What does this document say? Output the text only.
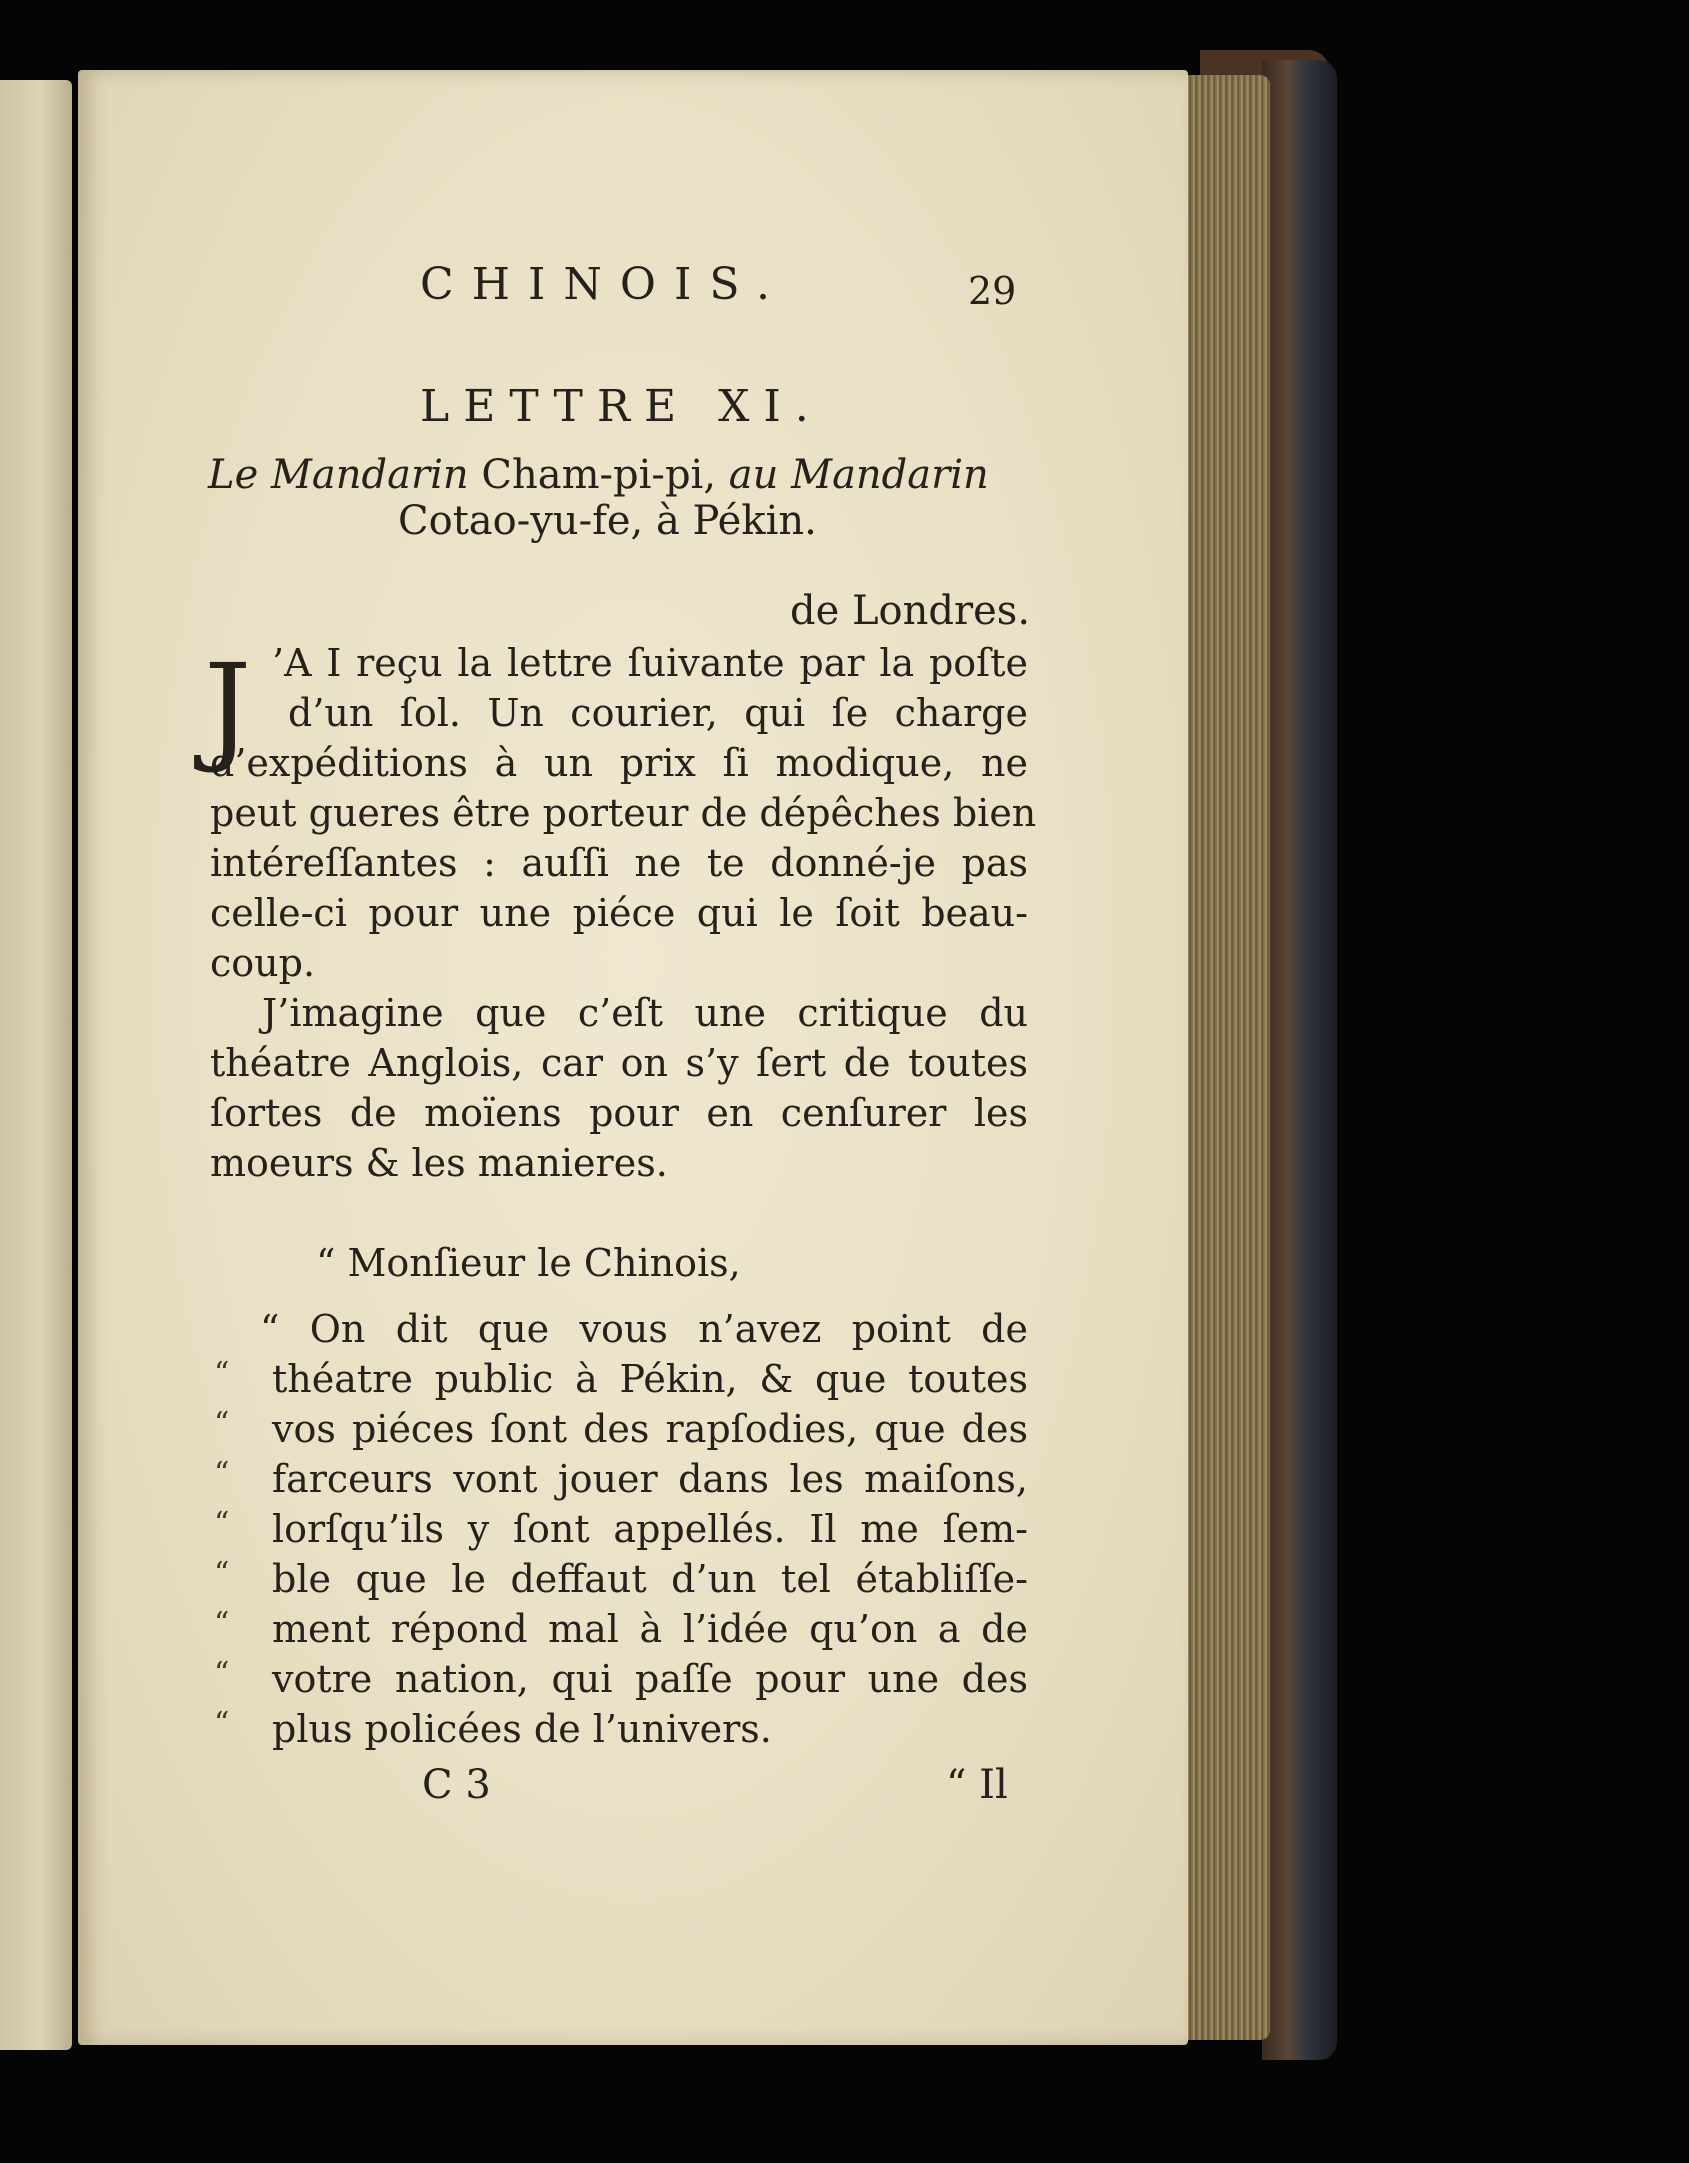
CHINOIS.	29
LETTRE XI.
Le Mandarin Cham-pi-pi, au Mandarin
Cotao-yu-fe, à Pékin.
de Londres.
J ’A I reçu la lettre ſuivante par la poſte
d’un ſol. Un courier, qui ſe charge
d’expéditions à un prix ſi modique, ne
peut gueres être porteur de dépêches bien
intéreſſantes : auſſi ne te donné-je pas
celle-ci pour une piéce qui le ſoit beau-
coup.
J’imagine que c’eſt une critique du
théatre Anglois, car on s’y ſert de toutes
ſortes de moïens pour en cenſurer les
moeurs & les manieres.
“ Monſieur le Chinois,
“ On dit que vous n’avez point de
“ théatre public à Pékin, & que toutes
“ vos piéces ſont des rapſodies, que des
“ farceurs vont jouer dans les maiſons,
“ lorſqu’ils y ſont appellés. Il me ſem-
“ ble que le deffaut d’un tel établiſſe-
“ ment répond mal à l’idée qu’on a de
“ votre nation, qui paſſe pour une des
“ plus policées de l’univers.
C 3	“ Il
